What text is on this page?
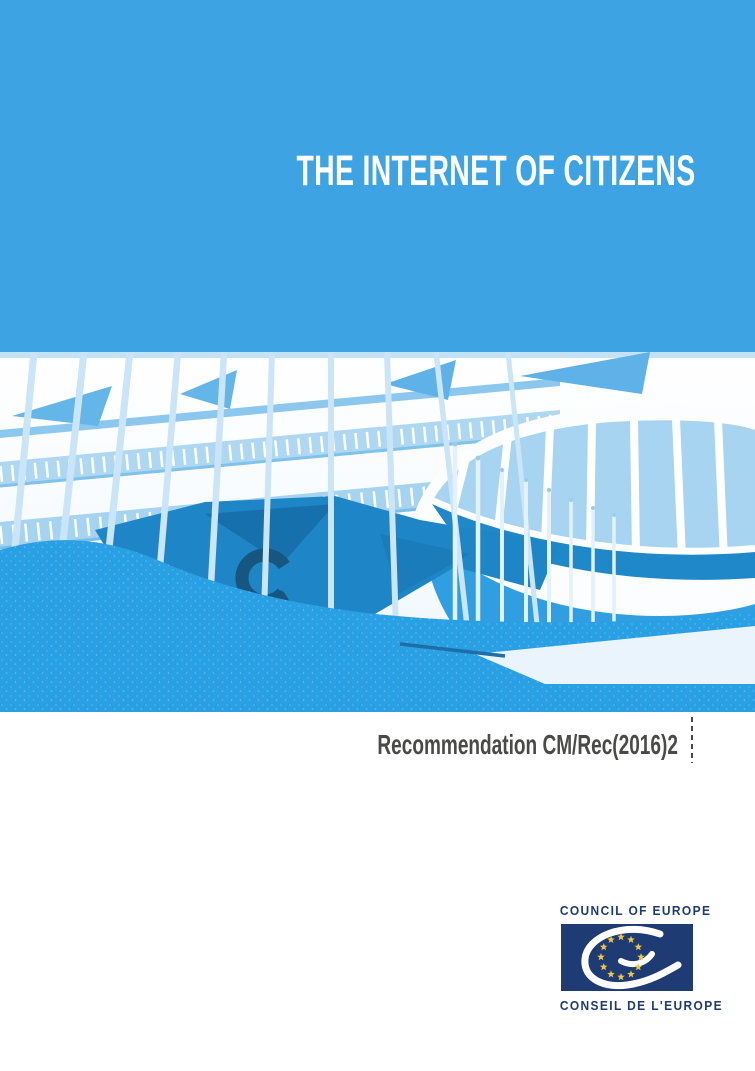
THE INTERNET OF CITIZENS

Recommendation CM/Rec(2016)2

COUNCIL OF EUROPE
CONSEIL DE L'EUROPE
